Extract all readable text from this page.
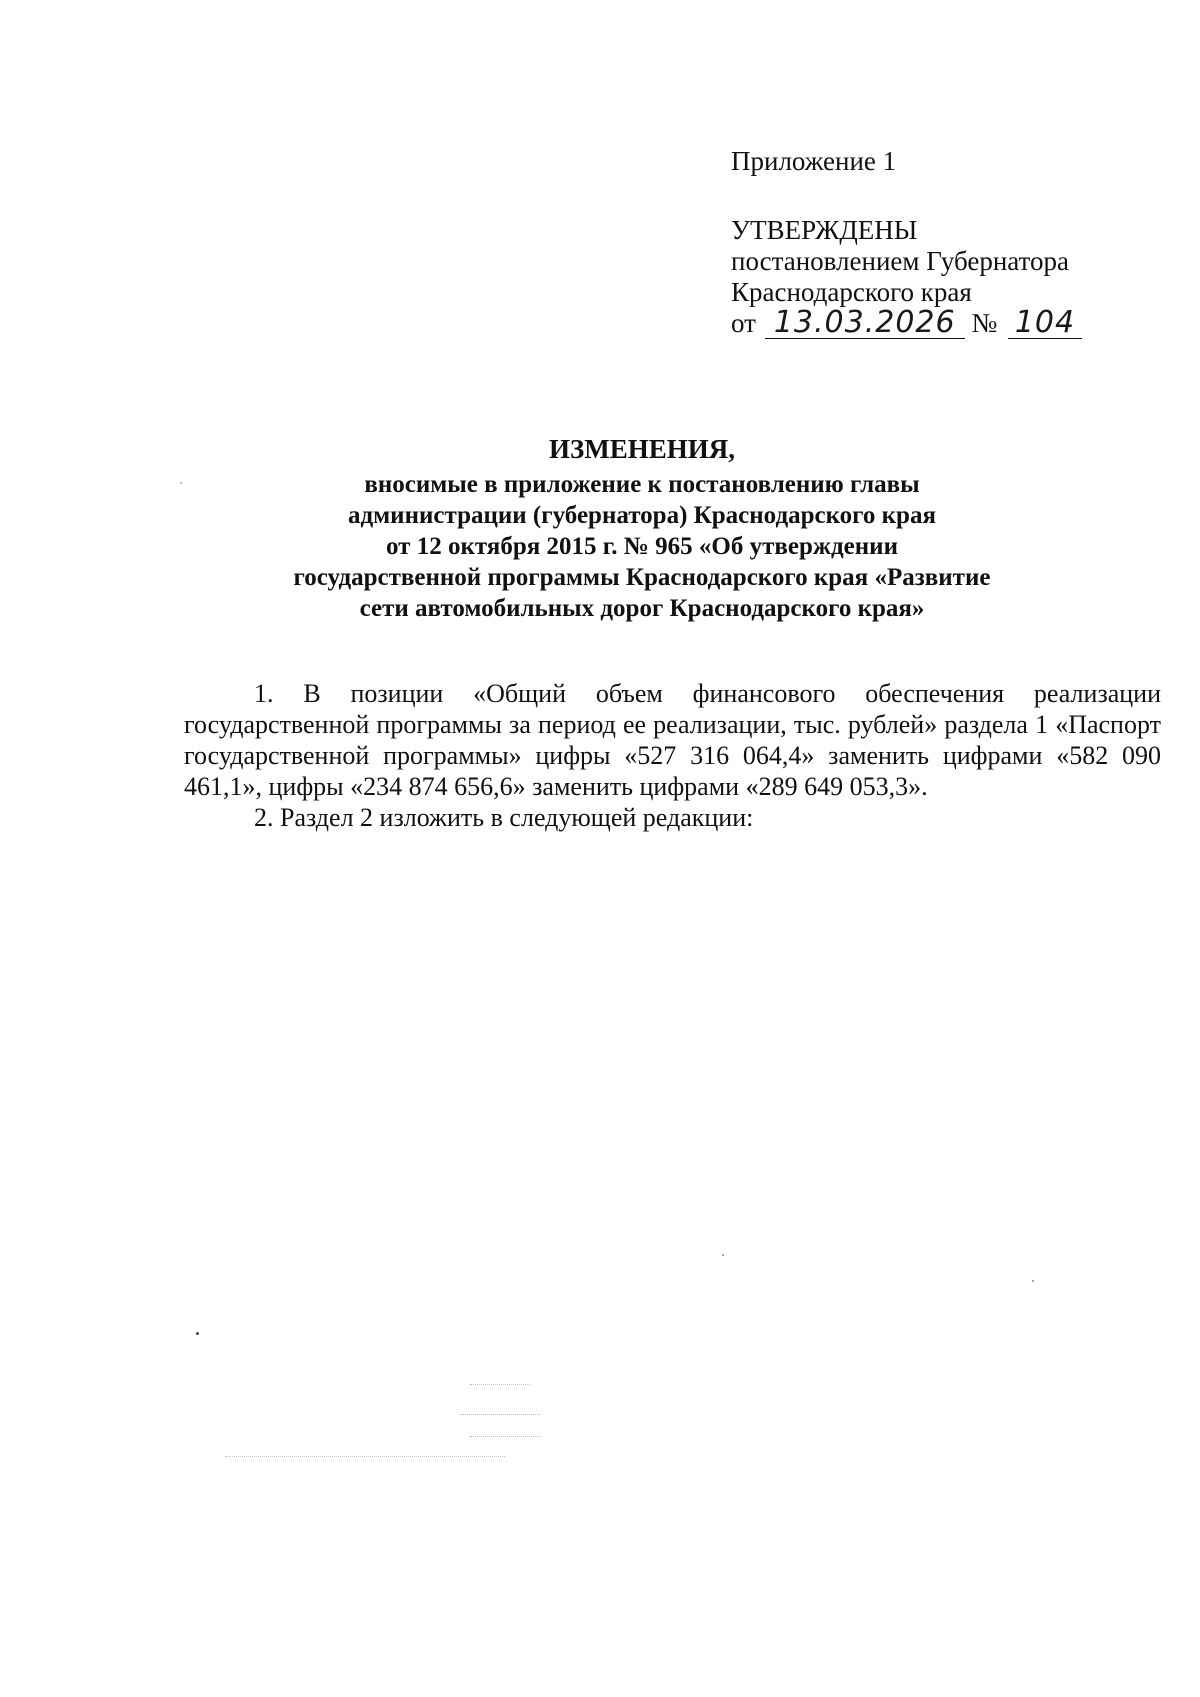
Приложение 1
УТВЕРЖДЕНЫ
постановлением Губернатора
Краснодарского края
от 13.03.2026 № 104
ИЗМЕНЕНИЯ,
вносимые в приложение к постановлению главы
администрации (губернатора) Краснодарского края
от 12 октября 2015 г. № 965 «Об утверждении
государственной программы Краснодарского края «Развитие
сети автомобильных дорог Краснодарского края»

1. В позиции «Общий объем финансового обеспечения реализации государственной программы за период ее реализации, тыс. рублей» раздела 1 «Паспорт государственной программы» цифры «527 316 064,4» заменить цифрами «582 090 461,1», цифры «234 874 656,6» заменить цифрами «289 649 053,3».

2. Раздел 2 изложить в следующей редакции:
